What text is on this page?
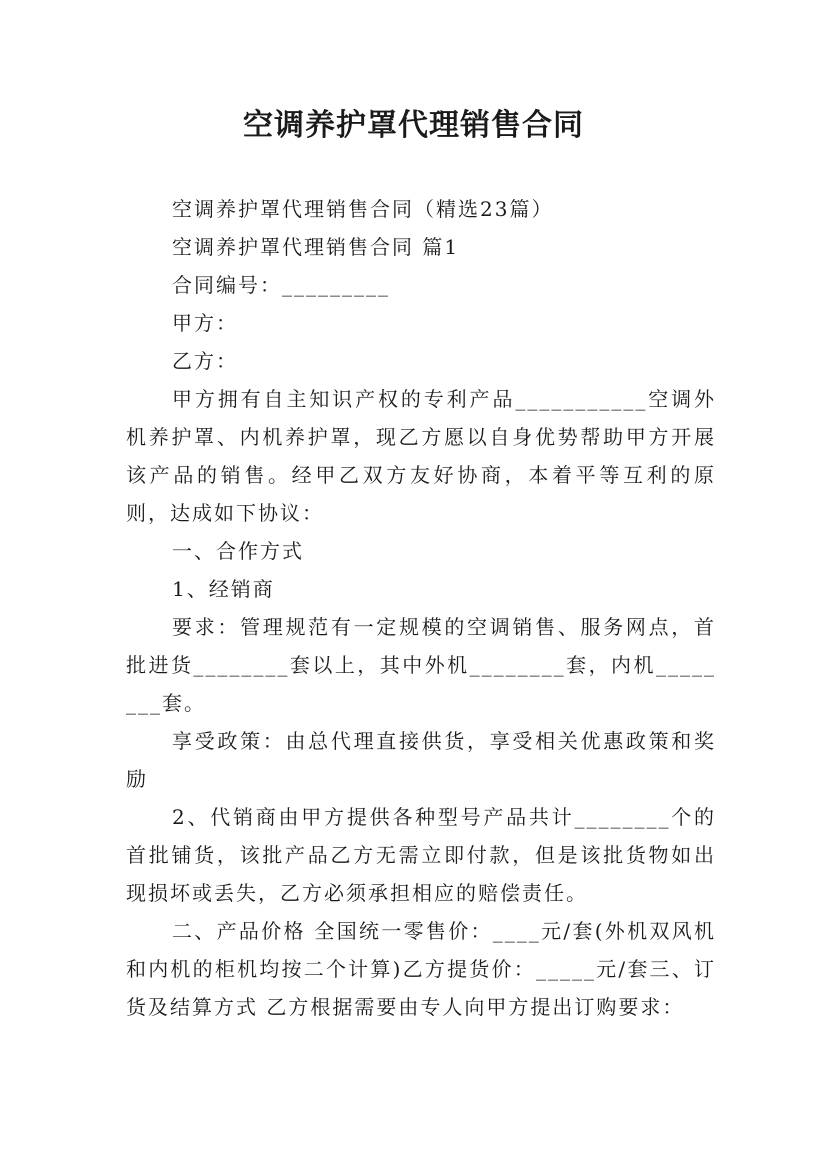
空调养护罩代理销售合同

空调养护罩代理销售合同（精选23篇）

空调养护罩代理销售合同 篇1

合同编号：_________

甲方：

乙方：

甲方拥有自主知识产权的专利产品___________空调外机养护罩、内机养护罩，现乙方愿以自身优势帮助甲方开展该产品的销售。经甲乙双方友好协商，本着平等互利的原则，达成如下协议：

一、合作方式

1、经销商

要求：管理规范有一定规模的空调销售、服务网点，首批进货________套以上，其中外机________套，内机________套。

享受政策：由总代理直接供货，享受相关优惠政策和奖励

2、代销商由甲方提供各种型号产品共计________个的首批铺货，该批产品乙方无需立即付款，但是该批货物如出现损坏或丢失，乙方必须承担相应的赔偿责任。

二、产品价格 全国统一零售价：____元/套(外机双风机和内机的柜机均按二个计算)乙方提货价：_____元/套三、订货及结算方式 乙方根据需要由专人向甲方提出订购要求：
